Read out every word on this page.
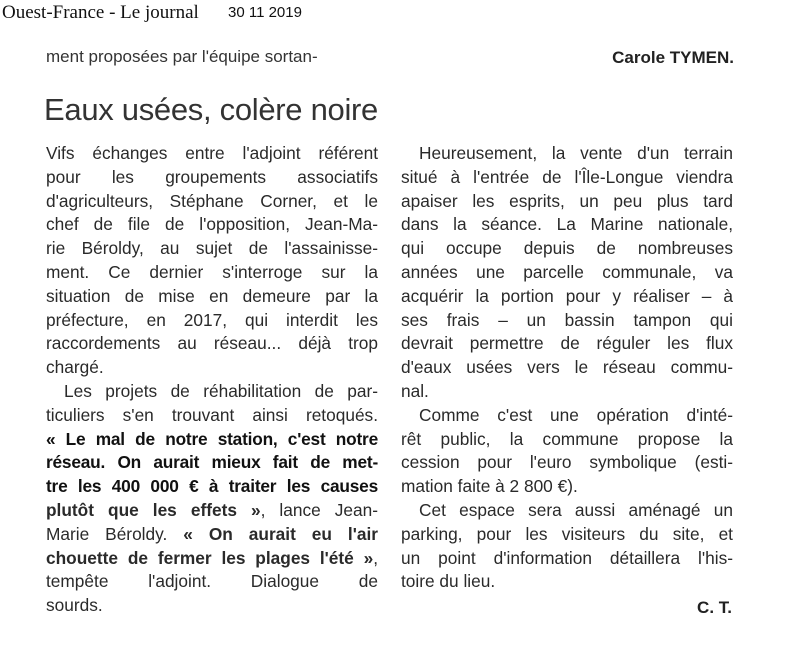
Ouest-France - Le journal 30 11 2019
ment proposées par l'équipe sortan-	Carole TYMEN.
Eaux usées, colère noire
Vifs échanges entre l'adjoint référent
pour les groupements associatifs
d'agriculteurs, Stéphane Corner, et le
chef de file de l'opposition, Jean-Ma-
rie Béroldy, au sujet de l'assainisse-
ment. Ce dernier s'interroge sur la
situation de mise en demeure par la
préfecture, en 2017, qui interdit les
raccordements au réseau... déjà trop
chargé.
Les projets de réhabilitation de par-
ticuliers s'en trouvant ainsi retoqués.
« Le mal de notre station, c'est notre
réseau. On aurait mieux fait de met-
tre les 400 000 € à traiter les causes
plutôt que les effets », lance Jean-
Marie Béroldy. « On aurait eu l'air
chouette de fermer les plages l'été »,
tempête l'adjoint. Dialogue de
sourds.
Heureusement, la vente d'un terrain
situé à l'entrée de l'Île-Longue viendra
apaiser les esprits, un peu plus tard
dans la séance. La Marine nationale,
qui occupe depuis de nombreuses
années une parcelle communale, va
acquérir la portion pour y réaliser – à
ses frais – un bassin tampon qui
devrait permettre de réguler les flux
d'eaux usées vers le réseau commu-
nal.
Comme c'est une opération d'inté-
rêt public, la commune propose la
cession pour l'euro symbolique (esti-
mation faite à 2 800 €).
Cet espace sera aussi aménagé un
parking, pour les visiteurs du site, et
un point d'information détaillera l'his-
toire du lieu.
C. T.
